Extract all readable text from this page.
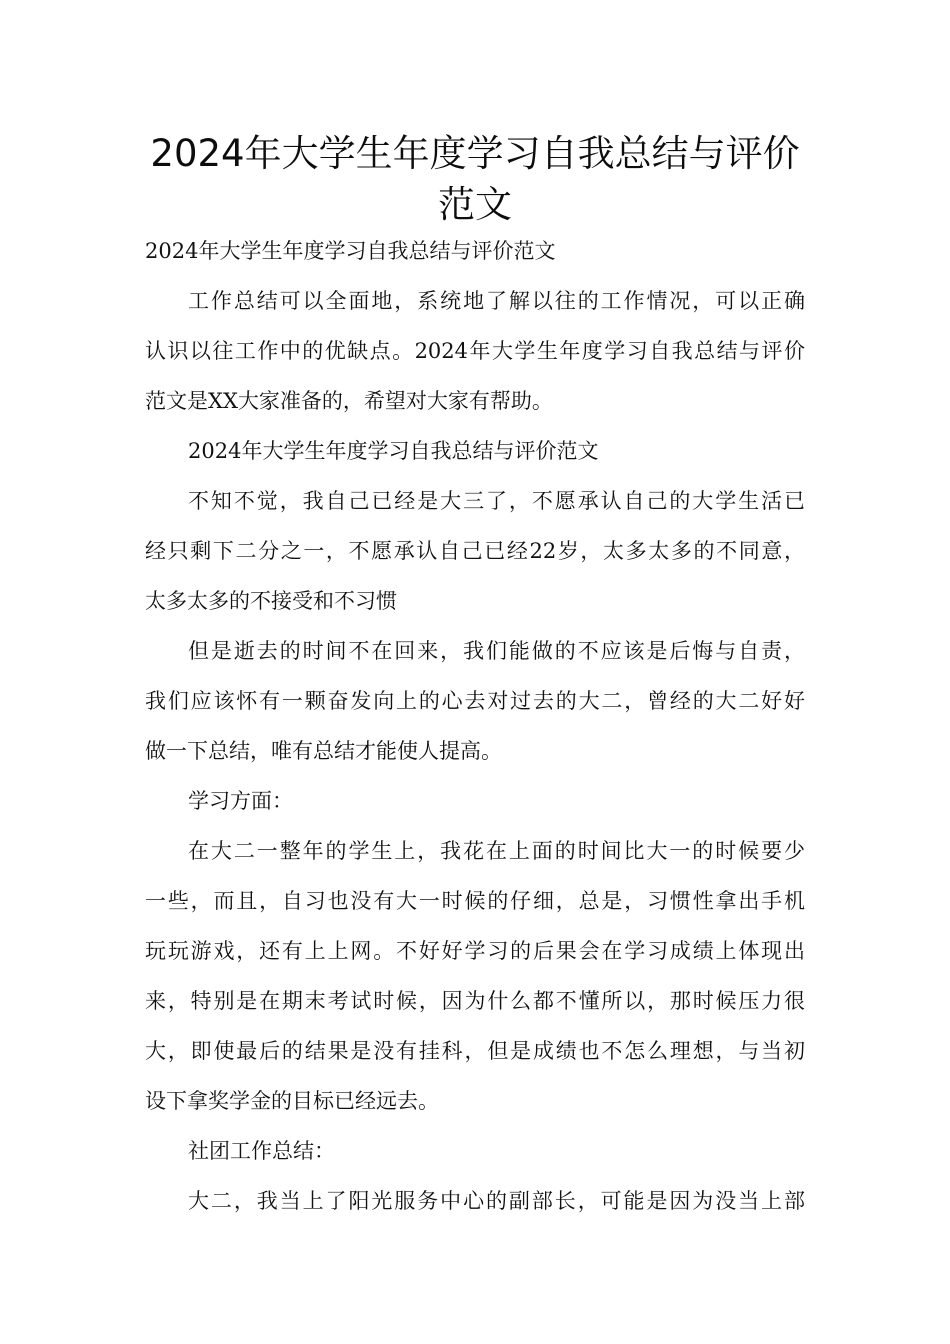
2024年大学生年度学习自我总结与评价
范文
2024年大学生年度学习自我总结与评价范文
工作总结可以全面地，系统地了解以往的工作情况，可以正确
认识以往工作中的优缺点。2024年大学生年度学习自我总结与评价
范文是XX大家准备的，希望对大家有帮助。
2024年大学生年度学习自我总结与评价范文
不知不觉，我自己已经是大三了，不愿承认自己的大学生活已
经只剩下二分之一，不愿承认自己已经22岁，太多太多的不同意，
太多太多的不接受和不习惯
但是逝去的时间不在回来，我们能做的不应该是后悔与自责，
我们应该怀有一颗奋发向上的心去对过去的大二，曾经的大二好好
做一下总结，唯有总结才能使人提高。
学习方面：
在大二一整年的学生上，我花在上面的时间比大一的时候要少
一些，而且，自习也没有大一时候的仔细，总是，习惯性拿出手机
玩玩游戏，还有上上网。不好好学习的后果会在学习成绩上体现出
来，特别是在期末考试时候，因为什么都不懂所以，那时候压力很
大，即使最后的结果是没有挂科，但是成绩也不怎么理想，与当初
设下拿奖学金的目标已经远去。
社团工作总结：
大二，我当上了阳光服务中心的副部长，可能是因为没当上部
